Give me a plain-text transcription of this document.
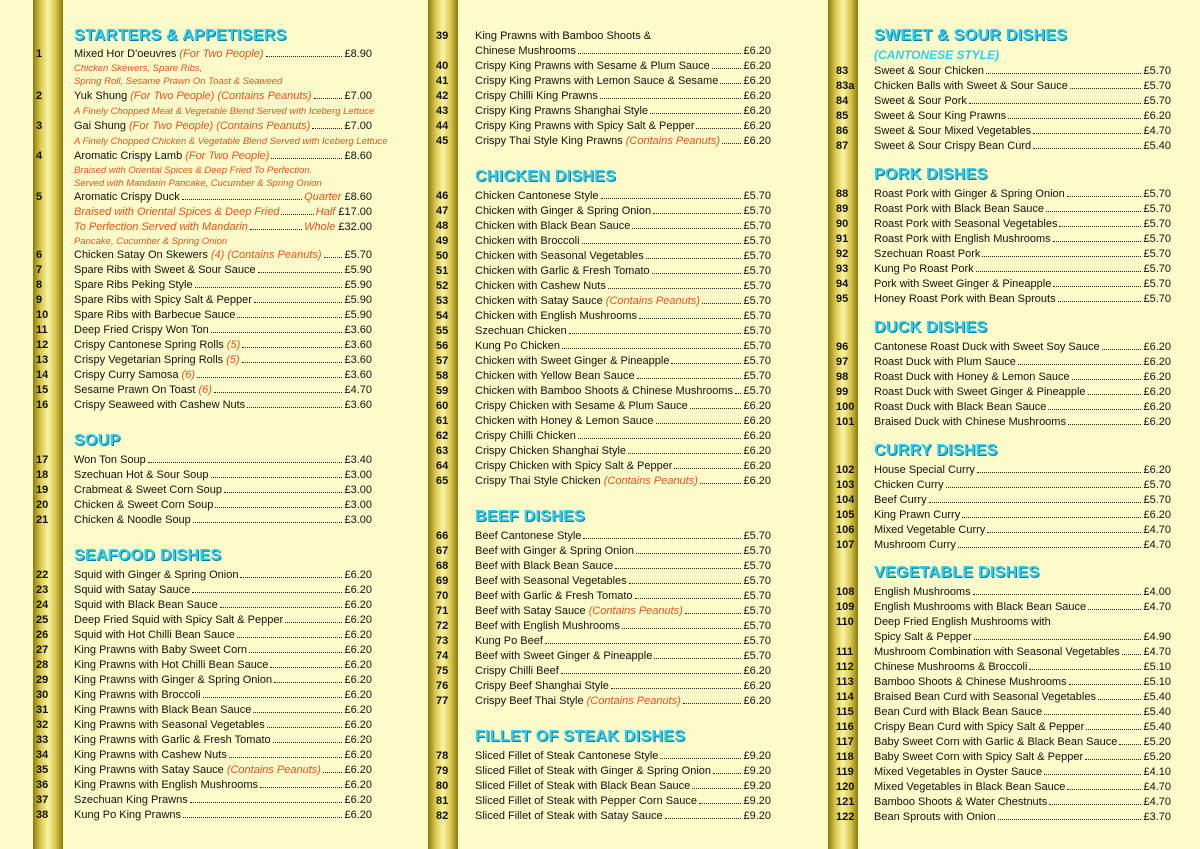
STARTERS & APPETISERS
1	Mixed Hor D'oeuvres (For Two People)	£8.90
Chicken Skewers, Spare Ribs,
Spring Roll, Sesame Prawn On Toast & Seaweed
2	Yuk Shung (For Two People) (Contains Peanuts)	£7.00
A Finely Chopped Meat & Vegetable Blend Served with Iceberg Lettuce
3	Gai Shung (For Two People) (Contains Peanuts)	£7.00
A Finely Chopped Chicken & Vegetable Blend Served with Iceberg Lettuce
4	Aromatic Crispy Lamb (For Two People)	£8.60
Braised with Oriental Spices & Deep Fried To Perfection.
Served with Mandarin Pancake, Cucumber & Spring Onion
5	Aromatic Crispy Duck	Quarter £8.60
Braised with Oriental Spices & Deep Fried	Half £17.00
To Perfection Served with Mandarin	Whole £32.00
Pancake, Cucumber & Spring Onion
6	Chicken Satay On Skewers (4) (Contains Peanuts) £5.70
7	Spare Ribs with Sweet & Sour Sauce	£5.90
8	Spare Ribs Peking Style	£5.90
9	Spare Ribs with Spicy Salt & Pepper	£5.90
10 Spare Ribs with Barbecue Sauce	£5.90
11 Deep Fried Crispy Won Ton	£3.60
12 Crispy Cantonese Spring Rolls (5)	£3.60
13 Crispy Vegetarian Spring Rolls (5)	£3.60
14 Crispy Curry Samosa (6)	£3.60
15 Sesame Prawn On Toast (6)	£4.70
16 Crispy Seaweed with Cashew Nuts	£3.60
SOUP
17 Won Ton Soup	£3.40
18 Szechuan Hot & Sour Soup	£3.00
19 Crabmeat & Sweet Corn Soup	£3.00
20 Chicken & Sweet Corn Soup	£3.00
21 Chicken & Noodle Soup	£3.00
SEAFOOD DISHES
22 Squid with Ginger & Spring Onion	£6.20
23 Squid with Satay Sauce	£6.20
24 Squid with Black Bean Sauce	£6.20
25 Deep Fried Squid with Spicy Salt & Pepper	£6.20
26 Squid with Hot Chilli Bean Sauce	£6.20
27 King Prawns with Baby Sweet Corn	£6.20
28 King Prawns with Hot Chilli Bean Sauce	£6.20
29 King Prawns with Ginger & Spring Onion	£6.20
30 King Prawns with Broccoli	£6.20
31 King Prawns with Black Bean Sauce	£6.20
32 King Prawns with Seasonal Vegetables	£6.20
33 King Prawns with Garlic & Fresh Tomato	£6.20
34 King Prawns with Cashew Nuts	£6.20
35 King Prawns with Satay Sauce (Contains Peanuts) £6.20
36 King Prawns with English Mushrooms	£6.20
37 Szechuan King Prawns	£6.20
38 Kung Po King Prawns	£6.20
39 King Prawns with Bamboo Shoots &
Chinese Mushrooms	£6.20
40 Crispy King Prawns with Sesame & Plum Sauce	£6.20
41 Crispy King Prawns with Lemon Sauce & Sesame £6.20
42 Crispy Chilli King Prawns	£6.20
43 Crispy King Prawns Shanghai Style	£6.20
44 Crispy King Prawns with Spicy Salt & Pepper	£6.20
45 Crispy Thai Style King Prawns (Contains Peanuts) £6.20
CHICKEN DISHES
46 Chicken Cantonese Style	£5.70
47 Chicken with Ginger & Spring Onion	£5.70
48 Chicken with Black Bean Sauce	£5.70
49 Chicken with Broccoli	£5.70
50 Chicken with Seasonal Vegetables	£5.70
51 Chicken with Garlic & Fresh Tomato	£5.70
52 Chicken with Cashew Nuts	£5.70
53 Chicken with Satay Sauce (Contains Peanuts)	£5.70
54 Chicken with English Mushrooms	£5.70
55 Szechuan Chicken	£5.70
56 Kung Po Chicken	£5.70
57 Chicken with Sweet Ginger & Pineapple	£5.70
58 Chicken with Yellow Bean Sauce	£5.70
59 Chicken with Bamboo Shoots & Chinese Mushrooms £5.70
60 Crispy Chicken with Sesame & Plum Sauce	£6.20
61 Chicken with Honey & Lemon Sauce	£6.20
62 Crispy Chilli Chicken	£6.20
63 Crispy Chicken Shanghai Style	£6.20
64 Crispy Chicken with Spicy Salt & Pepper	£6.20
65 Crispy Thai Style Chicken (Contains Peanuts)	£6.20
BEEF DISHES
66 Beef Cantonese Style	£5.70
67 Beef with Ginger & Spring Onion	£5.70
68 Beef with Black Bean Sauce	£5.70
69 Beef with Seasonal Vegetables	£5.70
70 Beef with Garlic & Fresh Tomato	£5.70
71 Beef with Satay Sauce (Contains Peanuts)	£5.70
72 Beef with English Mushrooms	£5.70
73 Kung Po Beef	£5.70
74 Beef with Sweet Ginger & Pineapple	£5.70
75 Crispy Chilli Beef	£6.20
76 Crispy Beef Shanghai Style	£6.20
77 Crispy Beef Thai Style (Contains Peanuts)	£6.20
FILLET OF STEAK DISHES
78 Sliced Fillet of Steak Cantonese Style	£9.20
79 Sliced Fillet of Steak with Ginger & Spring Onion	£9.20
80 Sliced Fillet of Steak with Black Bean Sauce	£9.20
81 Sliced Fillet of Steak with Pepper Corn Sauce	£9.20
82 Sliced Fillet of Steak with Satay Sauce	£9.20
SWEET & SOUR DISHES
(CANTONESE STYLE)
83 Sweet & Sour Chicken	£5.70
83a Chicken Balls with Sweet & Sour Sauce	£5.70
84 Sweet & Sour Pork	£5.70
85 Sweet & Sour King Prawns	£6.20
86 Sweet & Sour Mixed Vegetables	£4.70
87 Sweet & Sour Crispy Bean Curd	£5.40
PORK DISHES
88 Roast Pork with Ginger & Spring Onion	£5.70
89 Roast Pork with Black Bean Sauce	£5.70
90 Roast Pork with Seasonal Vegetables	£5.70
91 Roast Pork with English Mushrooms	£5.70
92 Szechuan Roast Pork	£5.70
93 Kung Po Roast Pork	£5.70
94 Pork with Sweet Ginger & Pineapple	£5.70
95 Honey Roast Pork with Bean Sprouts	£5.70
DUCK DISHES
96 Cantonese Roast Duck with Sweet Soy Sauce	£6.20
97 Roast Duck with Plum Sauce	£6.20
98 Roast Duck with Honey & Lemon Sauce	£6.20
99 Roast Duck with Sweet Ginger & Pineapple	£6.20
100 Roast Duck with Black Bean Sauce	£6.20
101 Braised Duck with Chinese Mushrooms	£6.20
CURRY DISHES
102 House Special Curry	£6.20
103 Chicken Curry	£5.70
104 Beef Curry	£5.70
105 King Prawn Curry	£6.20
106 Mixed Vegetable Curry	£4.70
107 Mushroom Curry	£4.70
VEGETABLE DISHES
108 English Mushrooms	£4.00
109 English Mushrooms with Black Bean Sauce	£4.70
110 Deep Fried English Mushrooms with
Spicy Salt & Pepper	£4.90
111 Mushroom Combination with Seasonal Vegetables £4.70
112 Chinese Mushrooms & Broccoli	£5.10
113 Bamboo Shoots & Chinese Mushrooms	£5.10
114 Braised Bean Curd with Seasonal Vegetables	£5.40
115 Bean Curd with Black Bean Sauce	£5.40
116 Crispy Bean Curd with Spicy Salt & Pepper	£5.40
117 Baby Sweet Corn with Garlic & Black Bean Sauce £5.20
118 Baby Sweet Corn with Spicy Salt & Pepper	£5.20
119 Mixed Vegetables in Oyster Sauce	£4.10
120 Mixed Vegetables in Black Bean Sauce	£4.70
121 Bamboo Shoots & Water Chestnuts	£4.70
122 Bean Sprouts with Onion	£3.70
